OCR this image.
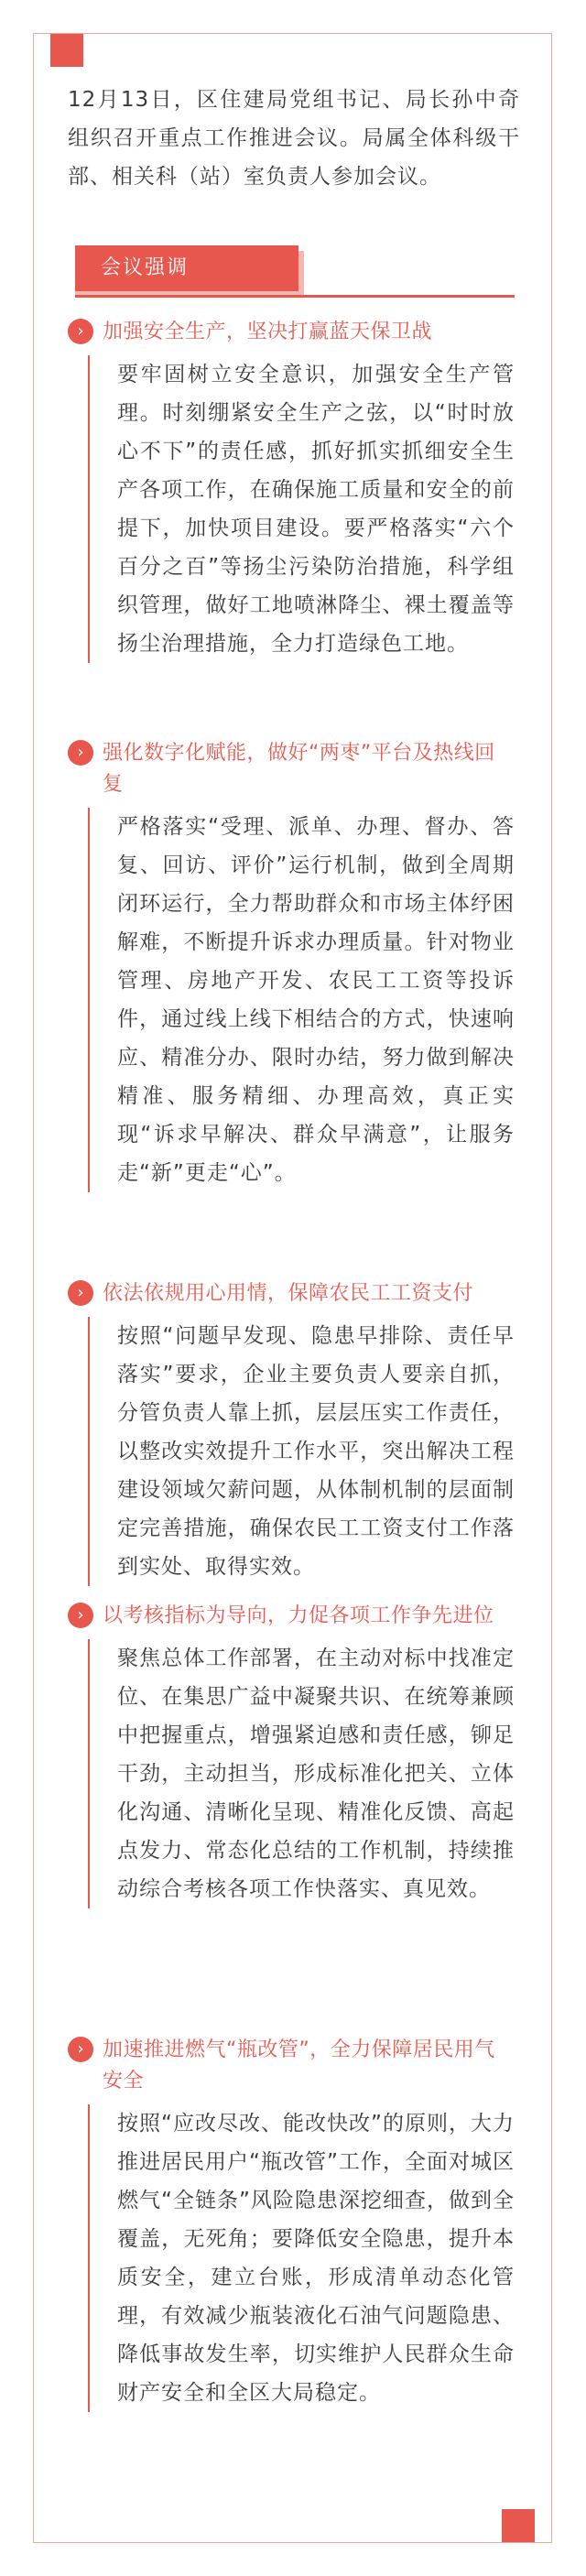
12月13日，区住建局党组书记、局长孙中奇组织召开重点工作推进会议。局属全体科级干部、相关科（站）室负责人参加会议。
会议强调
› 加强安全生产，坚决打赢蓝天保卫战
要牢固树立安全意识，加强安全生产管理。时刻绷紧安全生产之弦，以“时时放心不下”的责任感，抓好抓实抓细安全生产各项工作，在确保施工质量和安全的前提下，加快项目建设。要严格落实“六个百分之百”等扬尘污染防治措施，科学组织管理，做好工地喷淋降尘、裸土覆盖等扬尘治理措施，全力打造绿色工地。
› 强化数字化赋能，做好“两枣”平台及热线回复
严格落实“受理、派单、办理、督办、答复、回访、评价”运行机制，做到全周期闭环运行，全力帮助群众和市场主体纾困解难，不断提升诉求办理质量。针对物业管理、房地产开发、农民工工资等投诉件，通过线上线下相结合的方式，快速响应、精准分办、限时办结，努力做到解决精准、服务精细、办理高效，真正实现“诉求早解决、群众早满意”，让服务走“新”更走“心”。
› 依法依规用心用情，保障农民工工资支付
按照“问题早发现、隐患早排除、责任早落实”要求，企业主要负责人要亲自抓，分管负责人靠上抓，层层压实工作责任，以整改实效提升工作水平，突出解决工程建设领域欠薪问题，从体制机制的层面制定完善措施，确保农民工工资支付工作落到实处、取得实效。
› 以考核指标为导向，力促各项工作争先进位
聚焦总体工作部署，在主动对标中找准定位、在集思广益中凝聚共识、在统筹兼顾中把握重点，增强紧迫感和责任感，铆足干劲，主动担当，形成标准化把关、立体化沟通、清晰化呈现、精准化反馈、高起点发力、常态化总结的工作机制，持续推动综合考核各项工作快落实、真见效。
› 加速推进燃气“瓶改管”，全力保障居民用气安全
按照“应改尽改、能改快改”的原则，大力推进居民用户“瓶改管”工作，全面对城区燃气“全链条”风险隐患深挖细查，做到全覆盖，无死角；要降低安全隐患，提升本质安全，建立台账，形成清单动态化管理，有效减少瓶装液化石油气问题隐患、降低事故发生率，切实维护人民群众生命财产安全和全区大局稳定。
